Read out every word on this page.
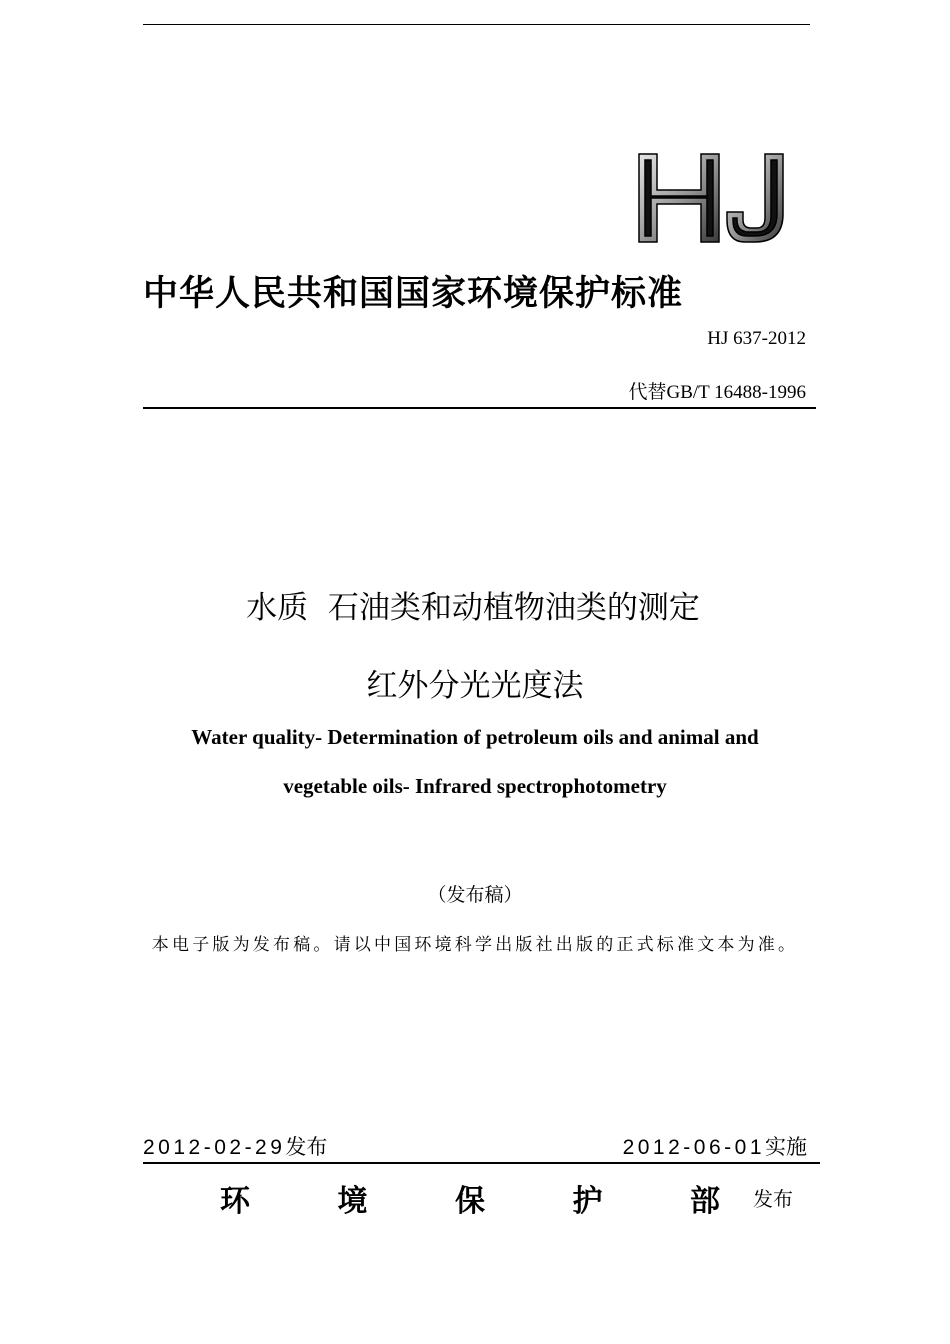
中华人民共和国国家环境保护标准
HJ 637-2012
代替GB/T 16488-1996
水质  石油类和动植物油类的测定
红外分光光度法
Water quality- Determination of petroleum oils and animal and
vegetable oils- Infrared spectrophotometry
（发布稿）
本电子版为发布稿。请以中国环境科学出版社出版的正式标准文本为准。
2012-02-29发布	2012-06-01实施
环	境	保	护	部 发布
